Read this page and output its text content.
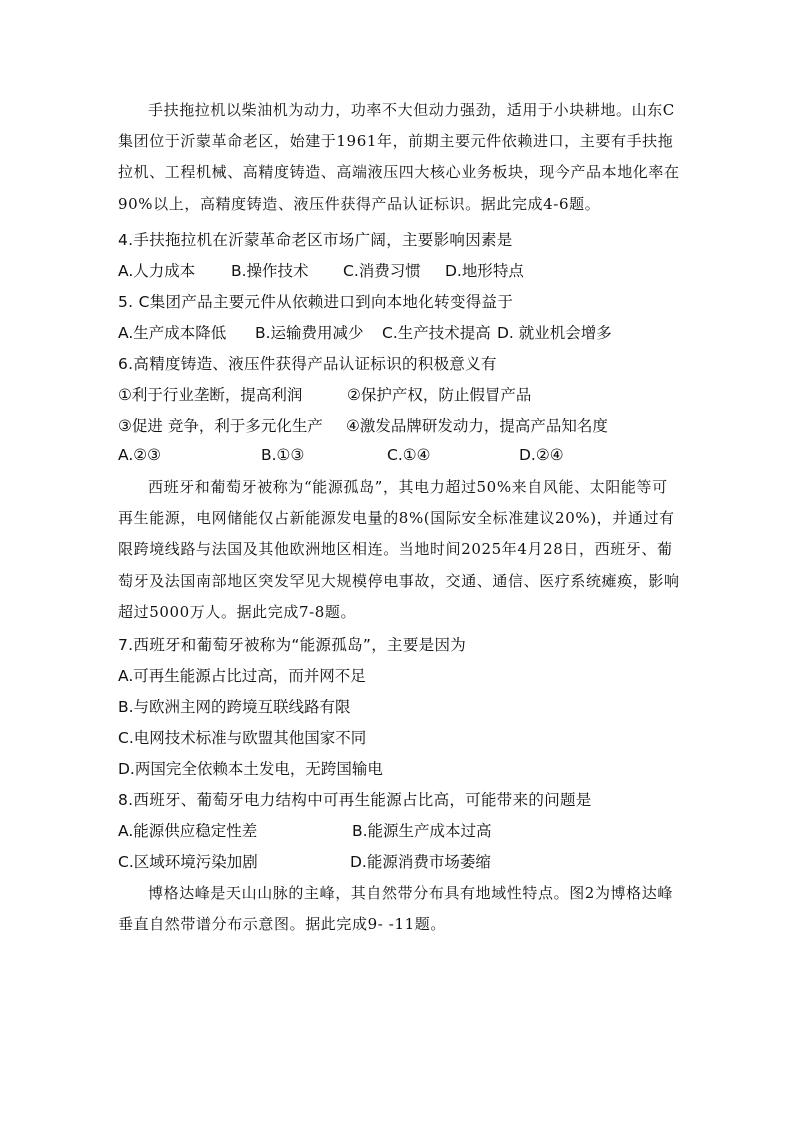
手扶拖拉机以柴油机为动力，功率不大但动力强劲，适用于小块耕地。山东C集团位于沂蒙革命老区，始建于1961年，前期主要元件依赖进口，主要有手扶拖拉机、工程机械、高精度铸造、高端液压四大核心业务板块，现今产品本地化率在90%以上，高精度铸造、液压件获得产品认证标识。据此完成4-6题。

4.手扶拖拉机在沂蒙革命老区市场广阔，主要影响因素是

A.人力成本 B.操作技术 C.消费习惯 D.地形特点

5. C集团产品主要元件从依赖进口到向本地化转变得益于

A.生产成本降低 B.运输费用减少 C.生产技术提高 D. 就业机会增多

6.高精度铸造、液压件获得产品认证标识的积极意义有

①利于行业垄断，提高利润	②保护产权，防止假冒产品
③促进 竞争，利于多元化生产 ④激发品牌研发动力，提高产品知名度
A.②③	B.①③	C.①④	D.②④

西班牙和葡萄牙被称为“能源孤岛”，其电力超过50%来自风能、太阳能等可再生能源，电网储能仅占新能源发电量的8%(国际安全标准建议20%)，并通过有限跨境线路与法国及其他欧洲地区相连。当地时间2025年4月28日，西班牙、葡萄牙及法国南部地区突发罕见大规模停电事故，交通、通信、医疗系统瘫痪，影响超过5000万人。据此完成7-8题。

7.西班牙和葡萄牙被称为“能源孤岛”，主要是因为

A.可再生能源占比过高，而并网不足
B.与欧洲主网的跨境互联线路有限
C.电网技术标准与欧盟其他国家不同
D.两国完全依赖本土发电，无跨国输电

8.西班牙、葡萄牙电力结构中可再生能源占比高，可能带来的问题是

A.能源供应稳定性差	B.能源生产成本过高
C.区域环境污染加剧	D.能源消费市场萎缩

博格达峰是天山山脉的主峰，其自然带分布具有地域性特点。图2为博格达峰垂直自然带谱分布示意图。据此完成9- -11题。
